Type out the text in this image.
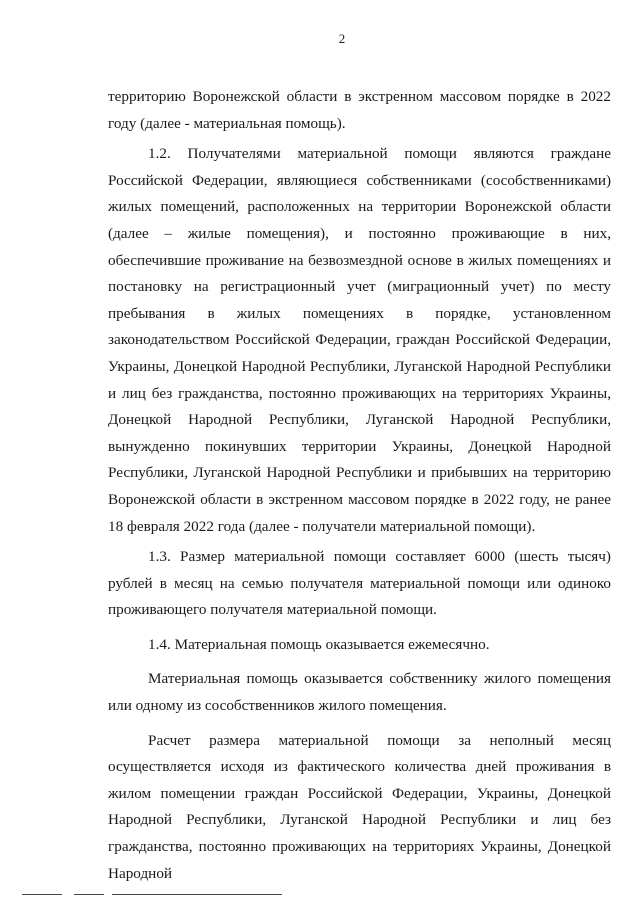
2

территорию Воронежской области в экстренном массовом порядке в 2022 году (далее - материальная помощь).

1.2. Получателями материальной помощи являются граждане Российской Федерации, являющиеся собственниками (сособственниками) жилых помещений, расположенных на территории Воронежской области (далее – жилые помещения), и постоянно проживающие в них, обеспечившие проживание на безвозмездной основе в жилых помещениях и постановку на регистрационный учет (миграционный учет) по месту пребывания в жилых помещениях в порядке, установленном законодательством Российской Федерации, граждан Российской Федерации, Украины, Донецкой Народной Республики, Луганской Народной Республики и лиц без гражданства, постоянно проживающих на территориях Украины, Донецкой Народной Республики, Луганской Народной Республики, вынужденно покинувших территории Украины, Донецкой Народной Республики, Луганской Народной Республики и прибывших на территорию Воронежской области в экстренном массовом порядке в 2022 году, не ранее 18 февраля 2022 года (далее - получатели материальной помощи).

1.3. Размер материальной помощи составляет 6000 (шесть тысяч) рублей в месяц на семью получателя материальной помощи или одиноко проживающего получателя материальной помощи.

1.4. Материальная помощь оказывается ежемесячно.

Материальная помощь оказывается собственнику жилого помещения или одному из сособственников жилого помещения.

Расчет размера материальной помощи за неполный месяц осуществляется исходя из фактического количества дней проживания в жилом помещении граждан Российской Федерации, Украины, Донецкой Народной Республики, Луганской Народной Республики и лиц без гражданства, постоянно проживающих на территориях Украины, Донецкой Народной
